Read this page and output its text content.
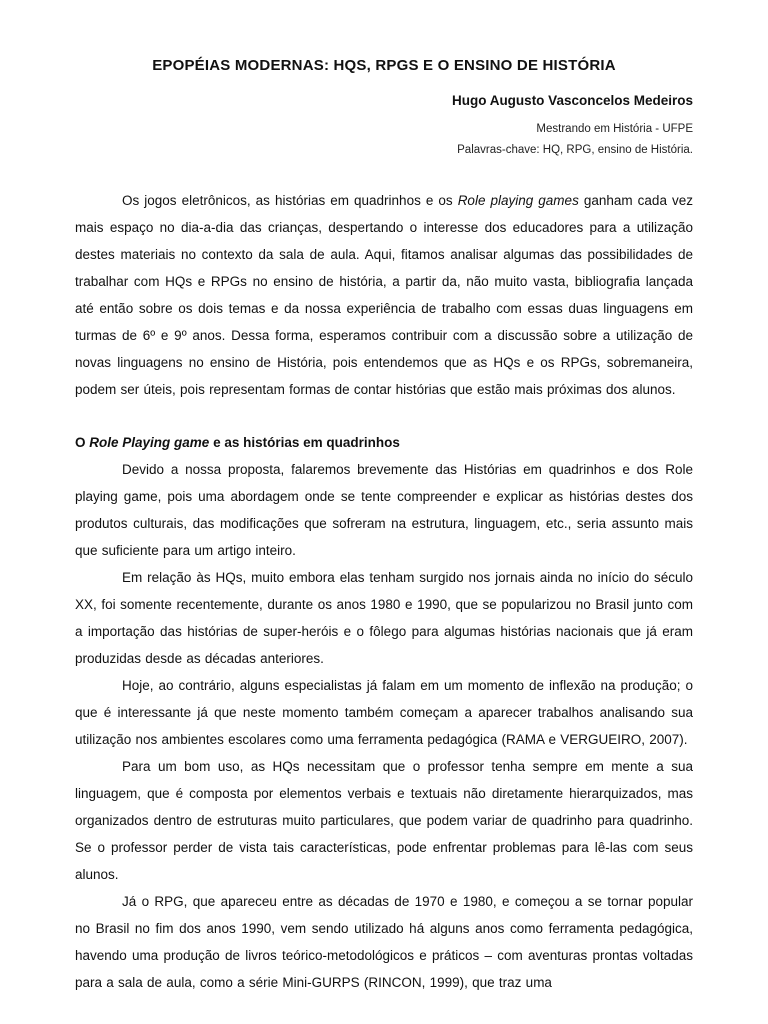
EPOPÉIAS MODERNAS: HQS, RPGS E O ENSINO DE HISTÓRIA
Hugo Augusto Vasconcelos Medeiros

Mestrando em História - UFPE

Palavras-chave: HQ, RPG, ensino de História.

Os jogos eletrônicos, as histórias em quadrinhos e os Role playing games ganham cada vez mais espaço no dia-a-dia das crianças, despertando o interesse dos educadores para a utilização destes materiais no contexto da sala de aula. Aqui, fitamos analisar algumas das possibilidades de trabalhar com HQs e RPGs no ensino de história, a partir da, não muito vasta, bibliografia lançada até então sobre os dois temas e da nossa experiência de trabalho com essas duas linguagens em turmas de 6º e 9º anos. Dessa forma, esperamos contribuir com a discussão sobre a utilização de novas linguagens no ensino de História, pois entendemos que as HQs e os RPGs, sobremaneira, podem ser úteis, pois representam formas de contar histórias que estão mais próximas dos alunos.

O Role Playing game e as histórias em quadrinhos

Devido a nossa proposta, falaremos brevemente das Histórias em quadrinhos e dos Role playing game, pois uma abordagem onde se tente compreender e explicar as histórias destes dos produtos culturais, das modificações que sofreram na estrutura, linguagem, etc., seria assunto mais que suficiente para um artigo inteiro.

Em relação às HQs, muito embora elas tenham surgido nos jornais ainda no início do século XX, foi somente recentemente, durante os anos 1980 e 1990, que se popularizou no Brasil junto com a importação das histórias de super-heróis e o fôlego para algumas histórias nacionais que já eram produzidas desde as décadas anteriores.

Hoje, ao contrário, alguns especialistas já falam em um momento de inflexão na produção; o que é interessante já que neste momento também começam a aparecer trabalhos analisando sua utilização nos ambientes escolares como uma ferramenta pedagógica (RAMA e VERGUEIRO, 2007).

Para um bom uso, as HQs necessitam que o professor tenha sempre em mente a sua linguagem, que é composta por elementos verbais e textuais não diretamente hierarquizados, mas organizados dentro de estruturas muito particulares, que podem variar de quadrinho para quadrinho. Se o professor perder de vista tais características, pode enfrentar problemas para lê-las com seus alunos.

Já o RPG, que apareceu entre as décadas de 1970 e 1980, e começou a se tornar popular no Brasil no fim dos anos 1990, vem sendo utilizado há alguns anos como ferramenta pedagógica, havendo uma produção de livros teórico-metodológicos e práticos – com aventuras prontas voltadas para a sala de aula, como a série Mini-GURPS (RINCON, 1999), que traz uma
